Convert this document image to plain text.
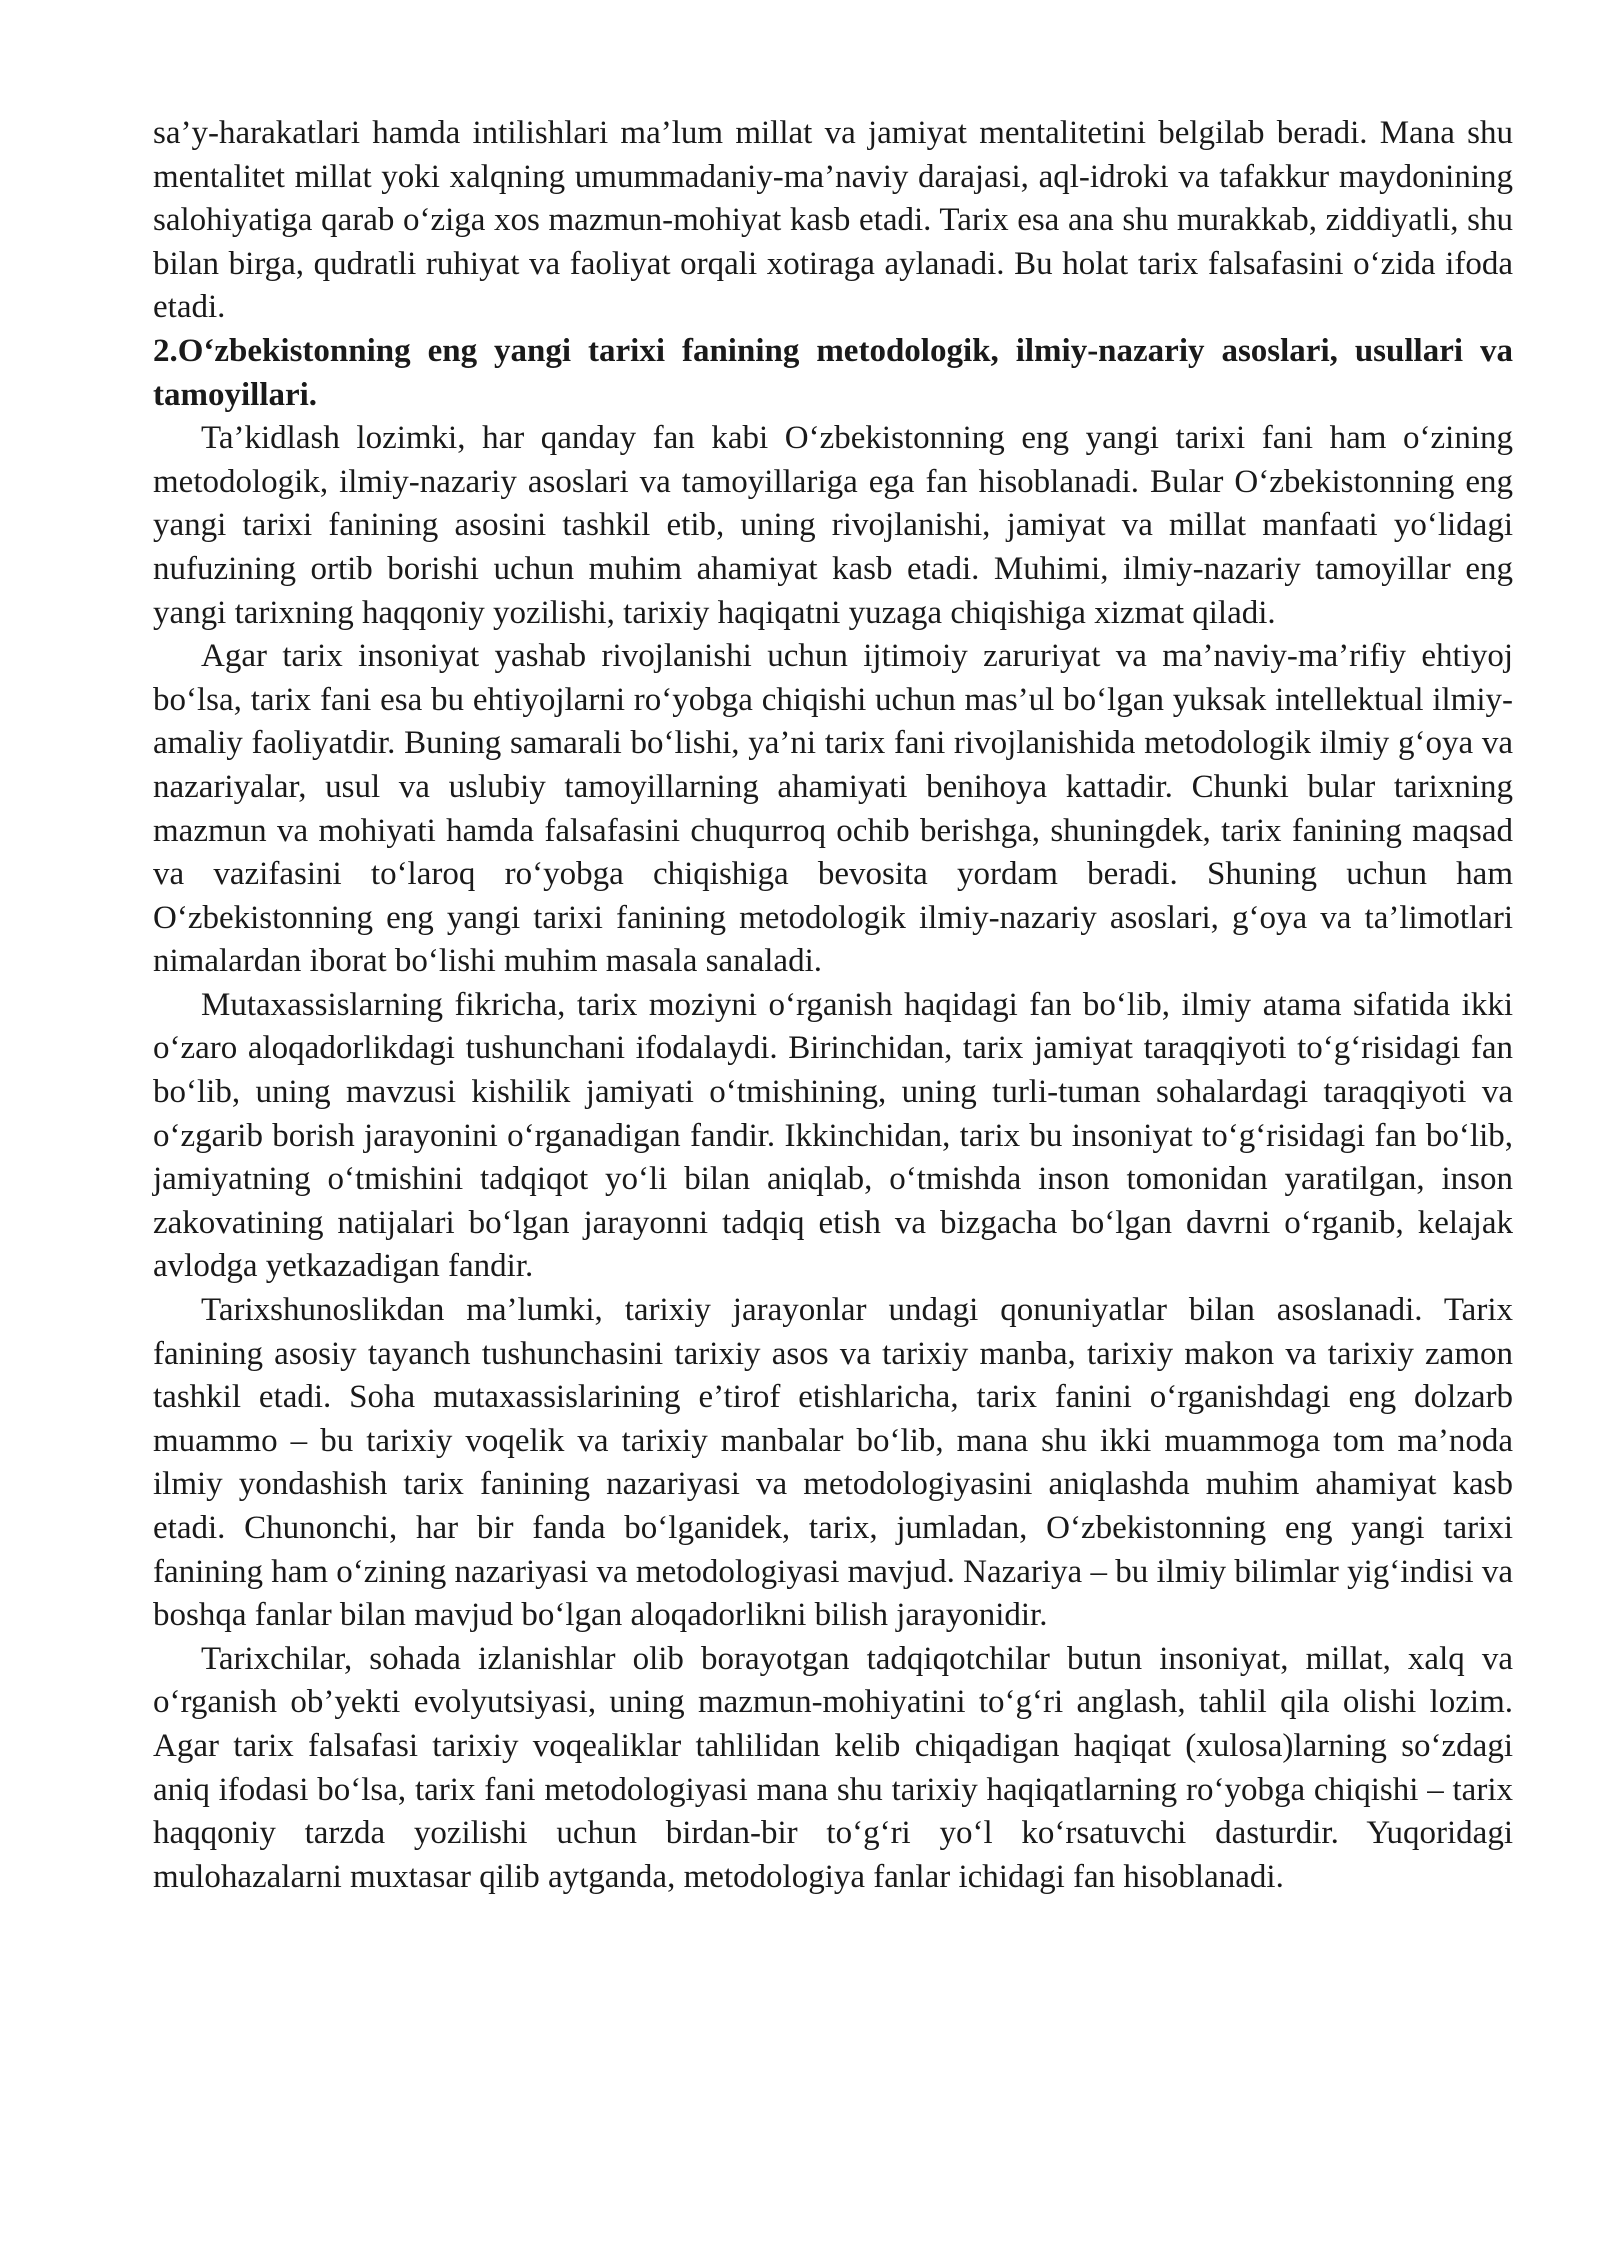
sa’y-harakatlari hamda intilishlari ma’lum millat va jamiyat mentalitetini belgilab beradi. Mana shu mentalitet millat yoki xalqning umummadaniy-ma’naviy darajasi, aql-idroki va tafakkur maydonining salohiyatiga qarab o‘ziga xos mazmun-mohiyat kasb etadi. Tarix esa ana shu murakkab, ziddiyatli, shu bilan birga, qudratli ruhiyat va faoliyat orqali xotiraga aylanadi. Bu holat tarix falsafasini o‘zida ifoda etadi.

2.O‘zbekistonning eng yangi tarixi fanining metodologik, ilmiy-nazariy asoslari, usullari va tamoyillari.

Ta’kidlash lozimki, har qanday fan kabi O‘zbekistonning eng yangi tarixi fani ham o‘zining metodologik, ilmiy-nazariy asoslari va tamoyillariga ega fan hisoblanadi. Bular O‘zbekistonning eng yangi tarixi fanining asosini tashkil etib, uning rivojlanishi, jamiyat va millat manfaati yo‘lidagi nufuzining ortib borishi uchun muhim ahamiyat kasb etadi. Muhimi, ilmiy-nazariy tamoyillar eng yangi tarixning haqqoniy yozilishi, tarixiy haqiqatni yuzaga chiqishiga xizmat qiladi.

Agar tarix insoniyat yashab rivojlanishi uchun ijtimoiy zaruriyat va ma’naviy-ma’rifiy ehtiyoj bo‘lsa, tarix fani esa bu ehtiyojlarni ro‘yobga chiqishi uchun mas’ul bo‘lgan yuksak intellektual ilmiy-amaliy faoliyatdir. Buning samarali bo‘lishi, ya’ni tarix fani rivojlanishida metodologik ilmiy g‘oya va nazariyalar, usul va uslubiy tamoyillarning ahamiyati benihoya kattadir. Chunki bular tarixning mazmun va mohiyati hamda falsafasini chuqurroq ochib berishga, shuningdek, tarix fanining maqsad va vazifasini to‘laroq ro‘yobga chiqishiga bevosita yordam beradi. Shuning uchun ham O‘zbekistonning eng yangi tarixi fanining metodologik ilmiy-nazariy asoslari, g‘oya va ta’limotlari nimalardan iborat bo‘lishi muhim masala sanaladi.

Mutaxassislarning fikricha, tarix moziyni o‘rganish haqidagi fan bo‘lib, ilmiy atama sifatida ikki o‘zaro aloqadorlikdagi tushunchani ifodalaydi. Birinchidan, tarix jamiyat taraqqiyoti to‘g‘risidagi fan bo‘lib, uning mavzusi kishilik jamiyati o‘tmishining, uning turli-tuman sohalardagi taraqqiyoti va o‘zgarib borish jarayonini o‘rganadigan fandir. Ikkinchidan, tarix bu insoniyat to‘g‘risidagi fan bo‘lib, jamiyatning o‘tmishini tadqiqot yo‘li bilan aniqlab, o‘tmishda inson tomonidan yaratilgan, inson zakovatining natijalari bo‘lgan jarayonni tadqiq etish va bizgacha bo‘lgan davrni o‘rganib, kelajak avlodga yetkazadigan fandir.

Tarixshunoslikdan ma’lumki, tarixiy jarayonlar undagi qonuniyatlar bilan asoslanadi. Tarix fanining asosiy tayanch tushunchasini tarixiy asos va tarixiy manba, tarixiy makon va tarixiy zamon tashkil etadi. Soha mutaxassislarining e’tirof etishlaricha, tarix fanini o‘rganishdagi eng dolzarb muammo – bu tarixiy voqelik va tarixiy manbalar bo‘lib, mana shu ikki muammoga tom ma’noda ilmiy yondashish tarix fanining nazariyasi va metodologiyasini aniqlashda muhim ahamiyat kasb etadi. Chunonchi, har bir fanda bo‘lganidek, tarix, jumladan, O‘zbekistonning eng yangi tarixi fanining ham o‘zining nazariyasi va metodologiyasi mavjud. Nazariya – bu ilmiy bilimlar yig‘indisi va boshqa fanlar bilan mavjud bo‘lgan aloqadorlikni bilish jarayonidir.

Tarixchilar, sohada izlanishlar olib borayotgan tadqiqotchilar butun insoniyat, millat, xalq va o‘rganish ob’yekti evolyutsiyasi, uning mazmun-mohiyatini to‘g‘ri anglash, tahlil qila olishi lozim. Agar tarix falsafasi tarixiy voqealiklar tahlilidan kelib chiqadigan haqiqat (xulosa)larning so‘zdagi aniq ifodasi bo‘lsa, tarix fani metodologiyasi mana shu tarixiy haqiqatlarning ro‘yobga chiqishi – tarix haqqoniy tarzda yozilishi uchun birdan-bir to‘g‘ri yo‘l ko‘rsatuvchi dasturdir. Yuqoridagi mulohazalarni muxtasar qilib aytganda, metodologiya fanlar ichidagi fan hisoblanadi.
